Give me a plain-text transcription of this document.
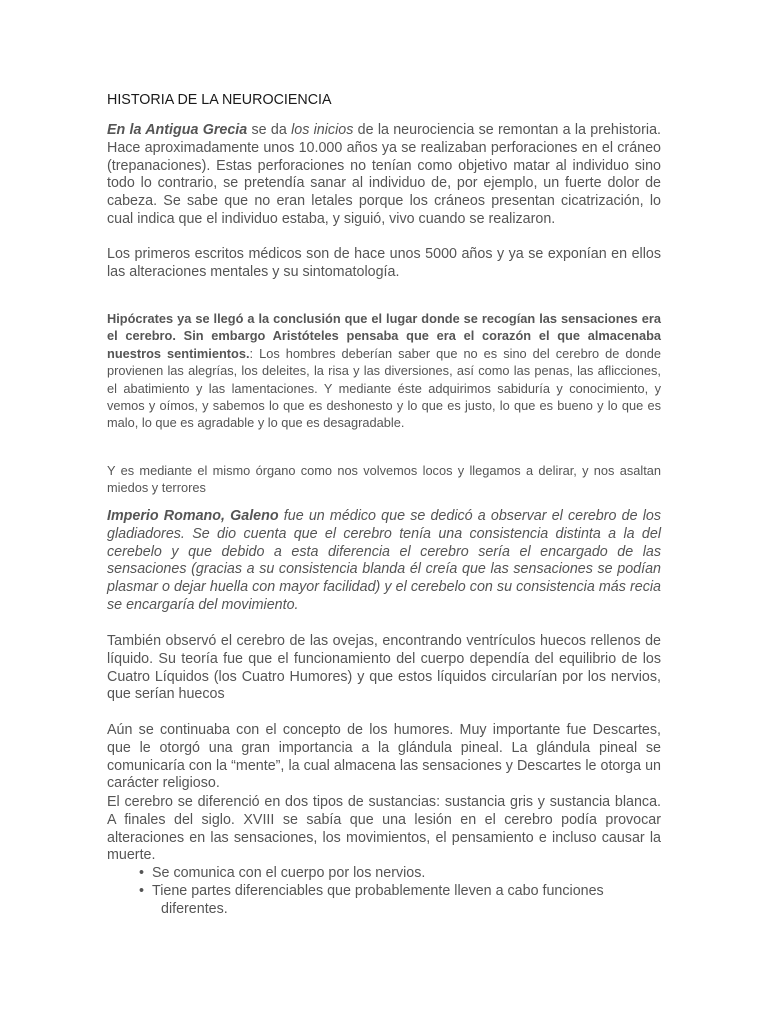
HISTORIA DE LA NEUROCIENCIA

En la Antigua Grecia se da los inicios de la neurociencia se remontan a la prehistoria. Hace aproximadamente unos 10.000 años ya se realizaban perforaciones en el cráneo (trepanaciones). Estas perforaciones no tenían como objetivo matar al individuo sino todo lo contrario, se pretendía sanar al individuo de, por ejemplo, un fuerte dolor de cabeza. Se sabe que no eran letales porque los cráneos presentan cicatrización, lo cual indica que el individuo estaba, y siguió, vivo cuando se realizaron.

Los primeros escritos médicos son de hace unos 5000 años y ya se exponían en ellos las alteraciones mentales y su sintomatología.

Hipócrates ya se llegó a la conclusión que el lugar donde se recogían las sensaciones era el cerebro. Sin embargo Aristóteles pensaba que era el corazón el que almacenaba nuestros sentimientos.: Los hombres deberían saber que no es sino del cerebro de donde provienen las alegrías, los deleites, la risa y las diversiones, así como las penas, las aflicciones, el abatimiento y las lamentaciones. Y mediante éste adquirimos sabiduría y conocimiento, y vemos y oímos, y sabemos lo que es deshonesto y lo que es justo, lo que es bueno y lo que es malo, lo que es agradable y lo que es desagradable.

Y es mediante el mismo órgano como nos volvemos locos y llegamos a delirar, y nos asaltan miedos y terrores

Imperio Romano, Galeno fue un médico que se dedicó a observar el cerebro de los gladiadores. Se dio cuenta que el cerebro tenía una consistencia distinta a la del cerebelo y que debido a esta diferencia el cerebro sería el encargado de las sensaciones (gracias a su consistencia blanda él creía que las sensaciones se podían plasmar o dejar huella con mayor facilidad) y el cerebelo con su consistencia más recia se encargaría del movimiento.

También observó el cerebro de las ovejas, encontrando ventrículos huecos rellenos de líquido. Su teoría fue que el funcionamiento del cuerpo dependía del equilibrio de los Cuatro Líquidos (los Cuatro Humores) y que estos líquidos circularían por los nervios, que serían huecos

Aún se continuaba con el concepto de los humores. Muy importante fue Descartes, que le otorgó una gran importancia a la glándula pineal. La glándula pineal se comunicaría con la “mente”, la cual almacena las sensaciones y Descartes le otorga un carácter religioso.

El cerebro se diferenció en dos tipos de sustancias: sustancia gris y sustancia blanca. A finales del siglo. XVIII se sabía que una lesión en el cerebro podía provocar alteraciones en las sensaciones, los movimientos, el pensamiento e incluso causar la muerte.

• Se comunica con el cuerpo por los nervios.
• Tiene partes diferenciables que probablemente lleven a cabo funciones
diferentes.
